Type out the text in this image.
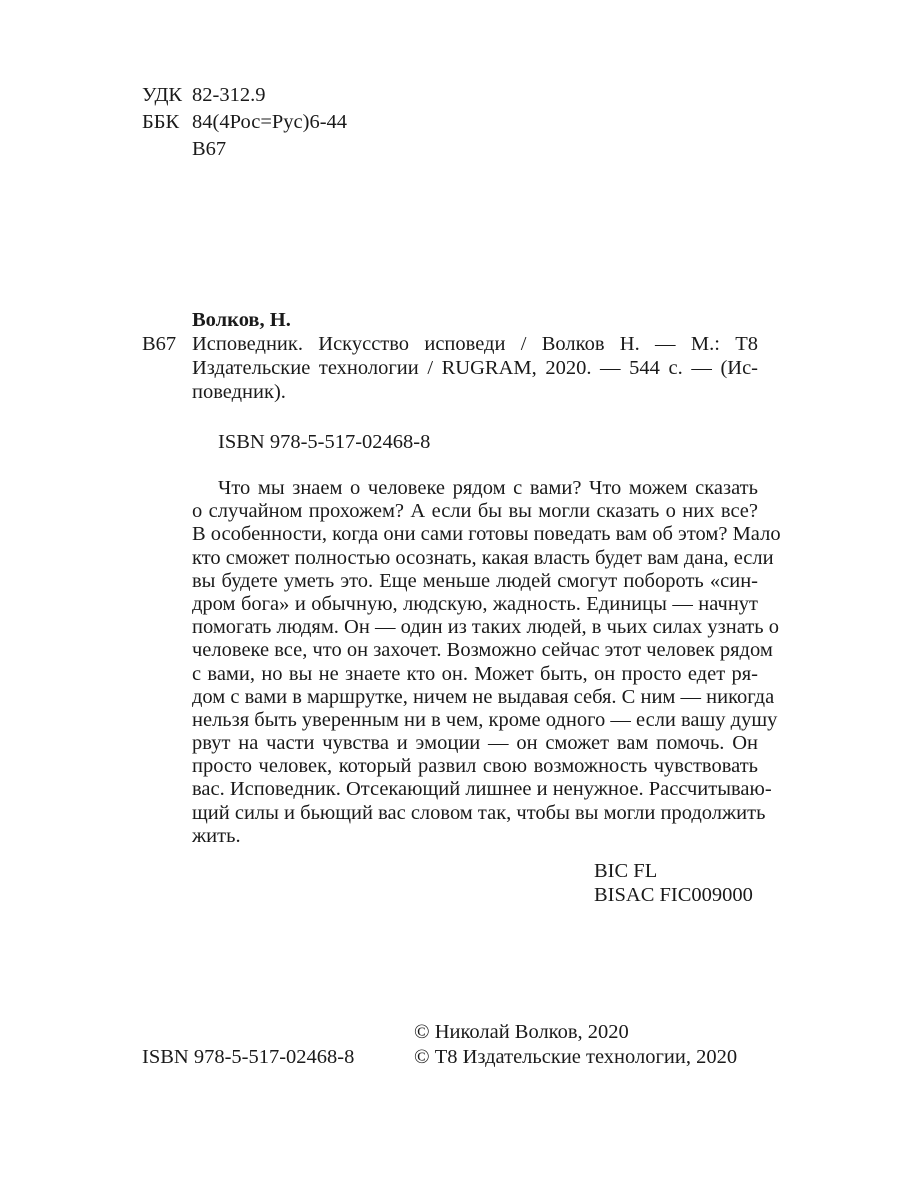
УДК 82-312.9
ББК 84(4Рос=Рус)6-44
В67
Волков, Н.
В67 Исповедник. Искусство исповеди / Волков Н. — М.: Т8
Издательские технологии / RUGRAM, 2020. — 544 с. — (Ис-
поведник).
ISBN 978-5-517-02468-8
Что мы знаем о человеке рядом с вами? Что можем сказать
о случайном прохожем? А если бы вы могли сказать о них все?
В особенности, когда они сами готовы поведать вам об этом? Мало
кто сможет полностью осознать, какая власть будет вам дана, если
вы будете уметь это. Еще меньше людей смогут побороть «син-
дром бога» и обычную, людскую, жадность. Единицы — начнут
помогать людям. Он — один из таких людей, в чьих силах узнать о
человеке все, что он захочет. Возможно сейчас этот человек рядом
с вами, но вы не знаете кто он. Может быть, он просто едет ря-
дом с вами в маршрутке, ничем не выдавая себя. С ним — никогда
нельзя быть уверенным ни в чем, кроме одного — если вашу душу
рвут на части чувства и эмоции — он сможет вам помочь. Он
просто человек, который развил свою возможность чувствовать
вас. Исповедник. Отсекающий лишнее и ненужное. Рассчитываю-
щий силы и бьющий вас словом так, чтобы вы могли продолжить
жить.
BIC FL
BISAC FIC009000
© Николай Волков, 2020
ISBN 978-5-517-02468-8	© Т8 Издательские технологии, 2020
